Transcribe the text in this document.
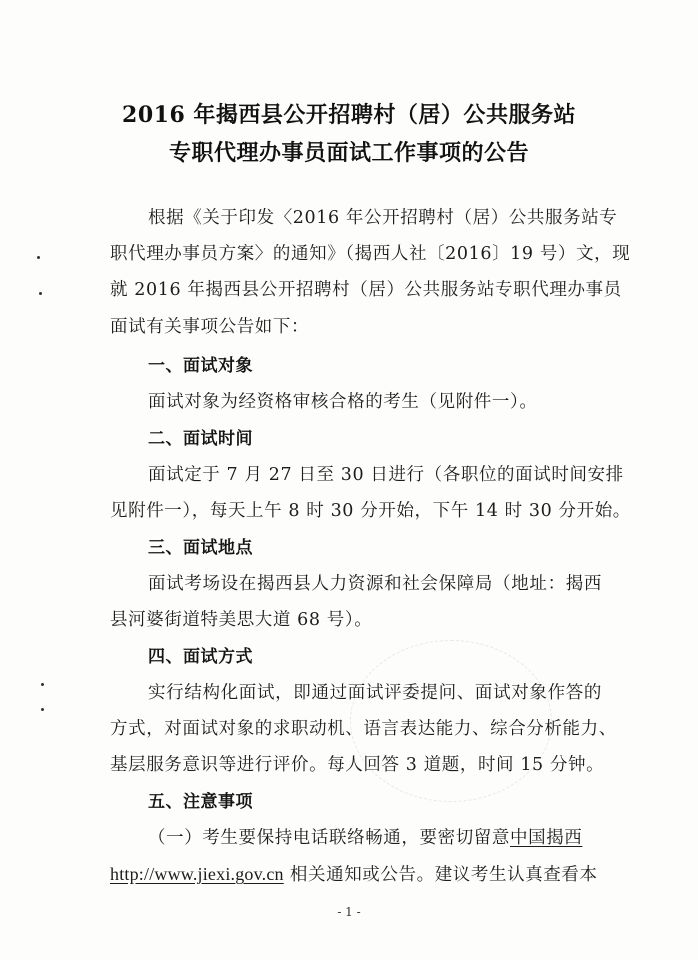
2016 年揭西县公开招聘村（居）公共服务站
专职代理办事员面试工作事项的公告
根据《关于印发〈2016 年公开招聘村（居）公共服务站专
职代理办事员方案〉的通知》（揭西人社〔2016〕19 号）文，现
就 2016 年揭西县公开招聘村（居）公共服务站专职代理办事员
面试有关事项公告如下：
一、面试对象
面试对象为经资格审核合格的考生（见附件一）。
二、面试时间
面试定于 7 月 27 日至 30 日进行（各职位的面试时间安排
见附件一），每天上午 8 时 30 分开始，下午 14 时 30 分开始。
三、面试地点
面试考场设在揭西县人力资源和社会保障局（地址：揭西
县河婆街道特美思大道 68 号）。
四、面试方式
实行结构化面试，即通过面试评委提问、面试对象作答的
方式，对面试对象的求职动机、语言表达能力、综合分析能力、
基层服务意识等进行评价。每人回答 3 道题，时间 15 分钟。
五、注意事项
（一）考生要保持电话联络畅通，要密切留意中国揭西
http://www.jiexi.gov.cn 相关通知或公告。建议考生认真查看本
- 1 -
